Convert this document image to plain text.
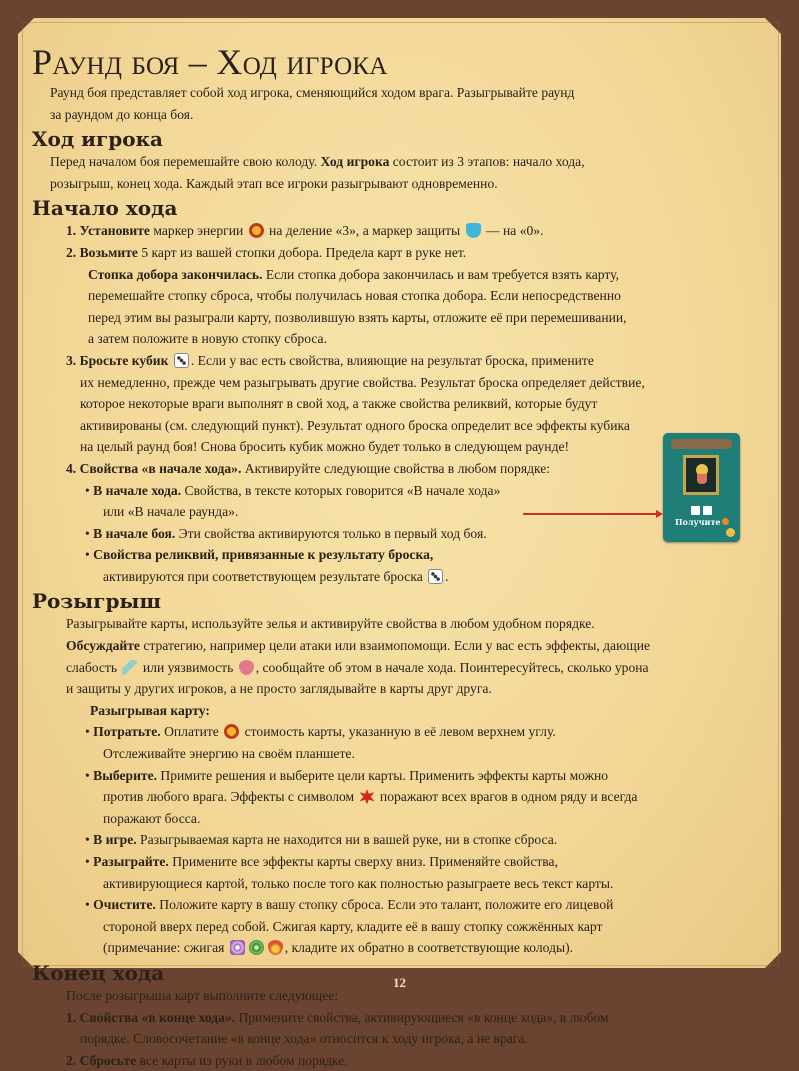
Раунд боя – Ход игрока
Раунд боя представляет собой ход игрока, сменяющийся ходом врага. Разыгрывайте раунд
за раундом до конца боя.
Ход игрока
Перед началом боя перемешайте свою колоду. Ход игрока состоит из 3 этапов: начало хода,
розыгрыш, конец хода. Каждый этап все игроки разыгрывают одновременно.
Начало хода
1. Установите маркер энергии  на деление «3», а маркер защиты  — на «0».
2. Возьмите 5 карт из вашей стопки добора. Предела карт в руке нет.
Стопка добора закончилась. Если стопка добора закончилась и вам требуется взять карту,
перемешайте стопку сброса, чтобы получилась новая стопка добора. Если непосредственно
перед этим вы разыграли карту, позволившую взять карты, отложите её при перемешивании,
а затем положите в новую стопку сброса.
3. Бросьте кубик . Если у вас есть свойства, влияющие на результат броска, примените
их немедленно, прежде чем разыгрывать другие свойства. Результат броска определяет действие,
которое некоторые враги выполнят в свой ход, а также свойства реликвий, которые будут
активированы (см. следующий пункт). Результат одного броска определит все эффекты кубика
на целый раунд боя! Снова бросить кубик можно будет только в следующем раунде!
4. Свойства «в начале хода». Активируйте следующие свойства в любом порядке:
• В начале хода. Свойства, в тексте которых говорится «В начале хода»
или «В начале раунда».
• В начале боя. Эти свойства активируются только в первый ход боя.
• Свойства реликвий, привязанные к результату броска,
активируются при соответствующем результате броска .
Розыгрыш
Разыгрывайте карты, используйте зелья и активируйте свойства в любом удобном порядке.
Обсуждайте стратегию, например цели атаки или взаимопомощи. Если у вас есть эффекты, дающие
слабость  или уязвимость , сообщайте об этом в начале хода. Поинтересуйтесь, сколько урона
и защиты у других игроков, а не просто заглядывайте в карты друг друга.
Разыгрывая карту:
• Потратьте. Оплатите  стоимость карты, указанную в её левом верхнем углу.
Отслеживайте энергию на своём планшете.
• Выберите. Примите решения и выберите цели карты. Применить эффекты карты можно
против любого врага. Эффекты с символом  поражают всех врагов в одном ряду и всегда
поражают босса.
• В игре. Разыгрываемая карта не находится ни в вашей руке, ни в стопке сброса.
• Разыграйте. Примените все эффекты карты сверху вниз. Применяйте свойства,
активирующиеся картой, только после того как полностью разыграете весь текст карты.
• Очистите. Положите карту в вашу стопку сброса. Если это талант, положите его лицевой
стороной вверх перед собой. Сжигая карту, кладите её в вашу стопку сожжённых карт
(примечание: сжигая	, кладите их обратно в соответствующие колоды).
Конец хода
После розыгрыша карт выполните следующее:
1. Свойства «в конце хода». Примените свойства, активирующиеся «в конце хода», в любом
порядке. Словосочетание «в конце хода» относится к ходу игрока, а не врага.
2. Сбросьте все карты из руки в любом порядке.
Получите
12
